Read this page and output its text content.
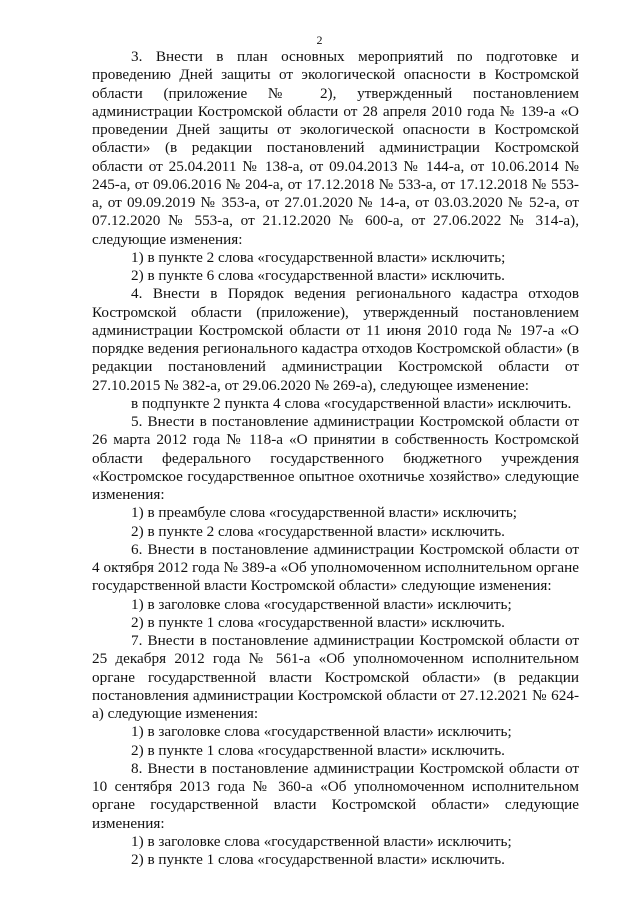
2

3. Внести в план основных мероприятий по подготовке и проведению Дней защиты от экологической опасности в Костромской области (приложение № 2), утвержденный постановлением администрации Костромской области от 28 апреля 2010 года № 139-а «О проведении Дней защиты от экологической опасности в Костромской области» (в редакции постановлений администрации Костромской области от 25.04.2011 № 138-а, от 09.04.2013 № 144-а, от 10.06.2014 № 245-а, от 09.06.2016 № 204-а, от 17.12.2018 № 533-а, от 17.12.2018 № 553-а, от 09.09.2019 № 353-а, от 27.01.2020 № 14-а, от 03.03.2020 № 52-а, от 07.12.2020 № 553-а, от 21.12.2020 № 600-а, от 27.06.2022 № 314-а), следующие изменения:

1) в пункте 2 слова «государственной власти» исключить;

2) в пункте 6 слова «государственной власти» исключить.

4. Внести в Порядок ведения регионального кадастра отходов Костромской области (приложение), утвержденный постановлением администрации Костромской области от 11 июня 2010 года № 197-а «О порядке ведения регионального кадастра отходов Костромской области» (в редакции постановлений администрации Костромской области от 27.10.2015 № 382-а, от 29.06.2020 № 269-а), следующее изменение:

в подпункте 2 пункта 4 слова «государственной власти» исключить.

5. Внести в постановление администрации Костромской области от 26 марта 2012 года № 118-а «О принятии в собственность Костромской области федерального государственного бюджетного учреждения «Костромское государственное опытное охотничье хозяйство» следующие изменения:

1) в преамбуле слова «государственной власти» исключить;

2) в пункте 2 слова «государственной власти» исключить.

6. Внести в постановление администрации Костромской области от 4 октября 2012 года № 389-а «Об уполномоченном исполнительном органе государственной власти Костромской области» следующие изменения:

1) в заголовке слова «государственной власти» исключить;

2) в пункте 1 слова «государственной власти» исключить.

7. Внести в постановление администрации Костромской области от 25 декабря 2012 года № 561-а «Об уполномоченном исполнительном органе государственной власти Костромской области» (в редакции постановления администрации Костромской области от 27.12.2021 № 624-а) следующие изменения:

1) в заголовке слова «государственной власти» исключить;

2) в пункте 1 слова «государственной власти» исключить.

8. Внести в постановление администрации Костромской области от 10 сентября 2013 года № 360-а «Об уполномоченном исполнительном органе государственной власти Костромской области» следующие изменения:

1) в заголовке слова «государственной власти» исключить;

2) в пункте 1 слова «государственной власти» исключить.
